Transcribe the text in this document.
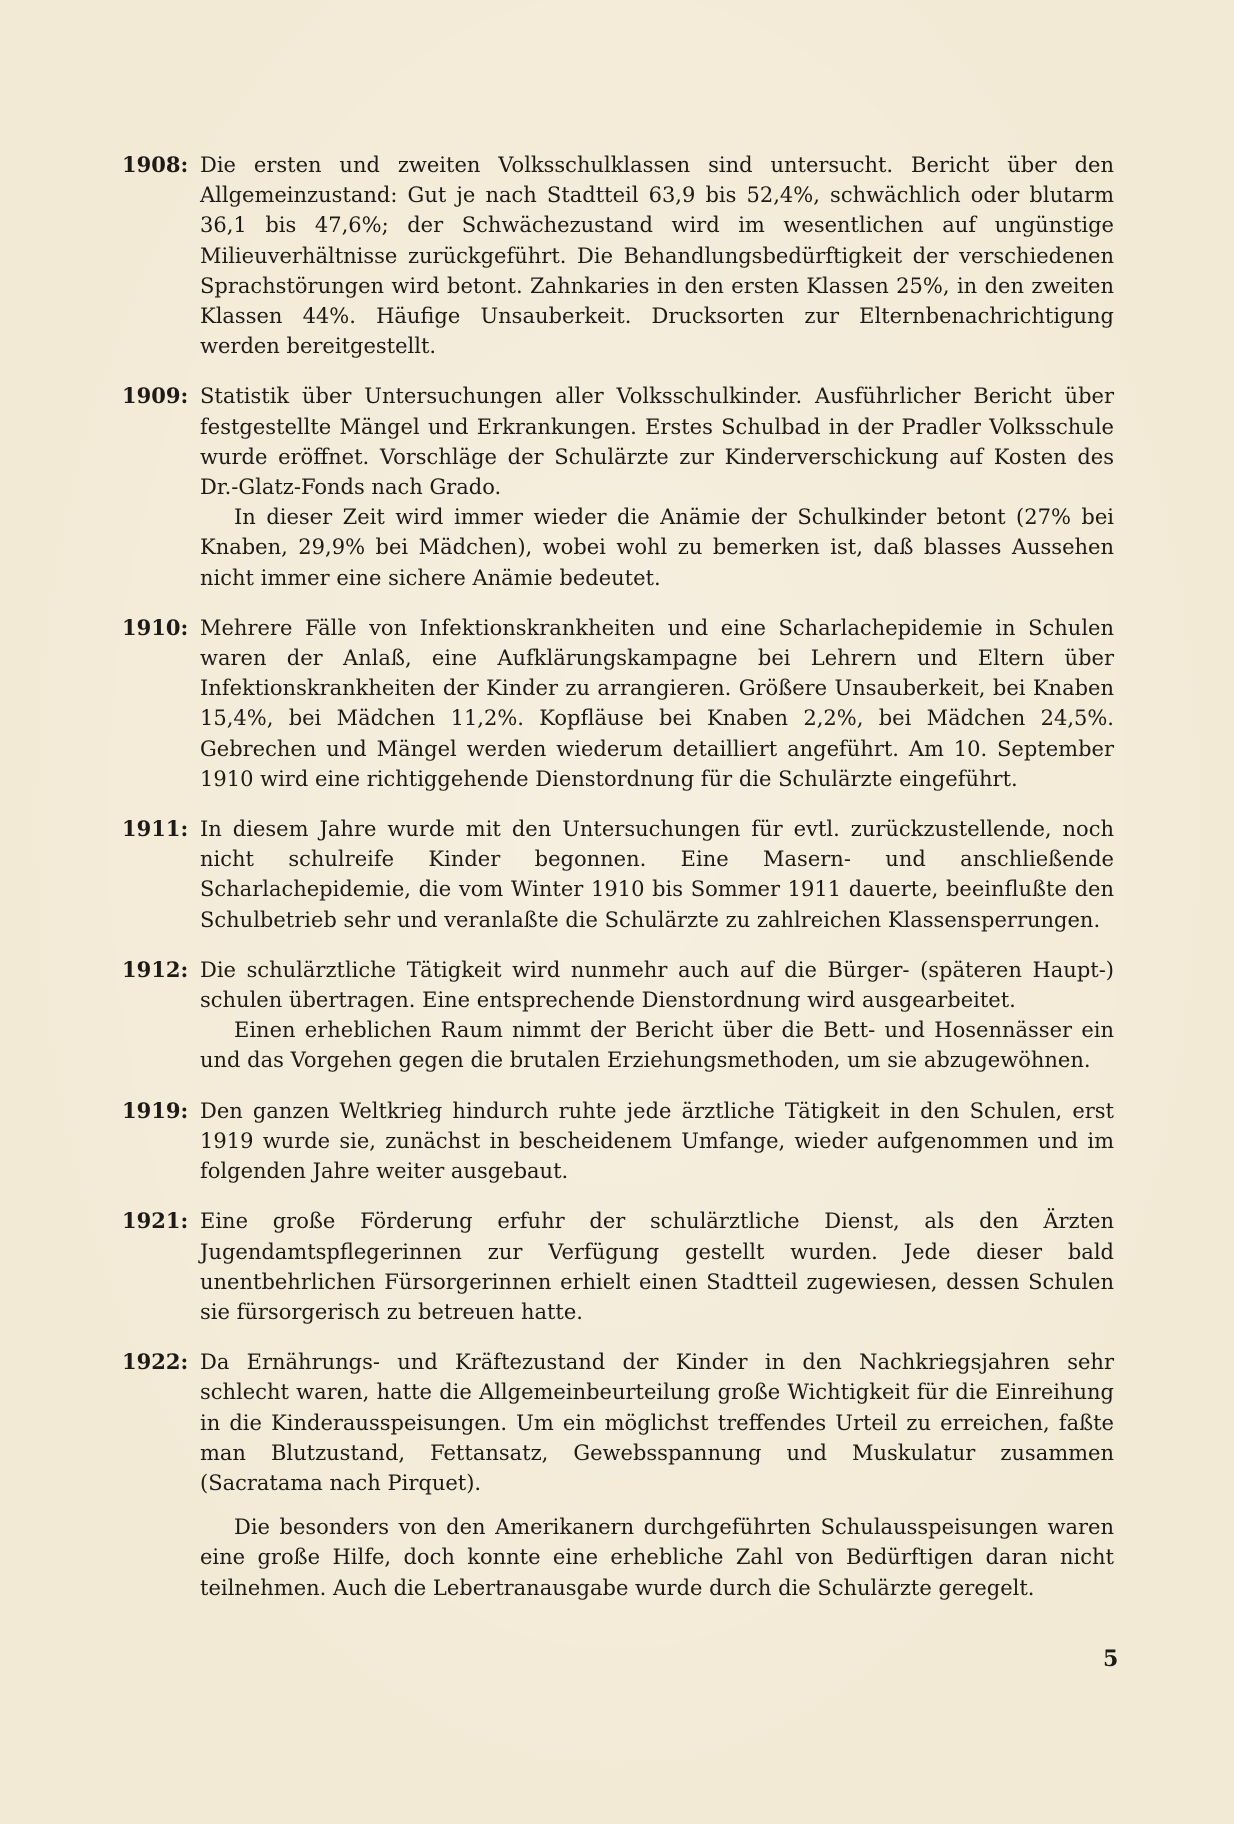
1908: Die ersten und zweiten Volksschulklassen sind untersucht. Bericht über den Allgemeinzustand: Gut je nach Stadtteil 63,9 bis 52,4%, schwächlich oder blutarm 36,1 bis 47,6%; der Schwächezustand wird im wesentlichen auf ungünstige Milieuverhältnisse zurückgeführt. Die Behandlungsbedürftigkeit der verschiedenen Sprachstörungen wird betont. Zahnkaries in den ersten Klassen 25%, in den zweiten Klassen 44%. Häufige Unsauberkeit. Drucksorten zur Elternbenachrichtigung werden bereitgestellt.

1909: Statistik über Untersuchungen aller Volksschulkinder. Ausführlicher Bericht über festgestellte Mängel und Erkrankungen. Erstes Schulbad in der Pradler Volksschule wurde eröffnet. Vorschläge der Schulärzte zur Kinderverschickung auf Kosten des Dr.-Glatz-Fonds nach Grado.

In dieser Zeit wird immer wieder die Anämie der Schulkinder betont (27% bei Knaben, 29,9% bei Mädchen), wobei wohl zu bemerken ist, daß blasses Aussehen nicht immer eine sichere Anämie bedeutet.

1910: Mehrere Fälle von Infektionskrankheiten und eine Scharlachepidemie in Schulen waren der Anlaß, eine Aufklärungskampagne bei Lehrern und Eltern über Infektionskrankheiten der Kinder zu arrangieren. Größere Unsauberkeit, bei Knaben 15,4%, bei Mädchen 11,2%. Kopfläuse bei Knaben 2,2%, bei Mädchen 24,5%. Gebrechen und Mängel werden wiederum detailliert angeführt. Am 10. September 1910 wird eine richtiggehende Dienstordnung für die Schulärzte eingeführt.

1911: In diesem Jahre wurde mit den Untersuchungen für evtl. zurückzustellende, noch nicht schulreife Kinder begonnen. Eine Masern- und anschließende Scharlachepidemie, die vom Winter 1910 bis Sommer 1911 dauerte, beeinflußte den Schulbetrieb sehr und veranlaßte die Schulärzte zu zahlreichen Klassensperrungen.

1912: Die schulärztliche Tätigkeit wird nunmehr auch auf die Bürger- (späteren Haupt-) schulen übertragen. Eine entsprechende Dienstordnung wird ausgearbeitet.

Einen erheblichen Raum nimmt der Bericht über die Bett- und Hosennässer ein und das Vorgehen gegen die brutalen Erziehungsmethoden, um sie abzugewöhnen.

1919: Den ganzen Weltkrieg hindurch ruhte jede ärztliche Tätigkeit in den Schulen, erst 1919 wurde sie, zunächst in bescheidenem Umfange, wieder aufgenommen und im folgenden Jahre weiter ausgebaut.

1921: Eine große Förderung erfuhr der schulärztliche Dienst, als den Ärzten Jugendamtspflegerinnen zur Verfügung gestellt wurden. Jede dieser bald unentbehrlichen Fürsorgerinnen erhielt einen Stadtteil zugewiesen, dessen Schulen sie fürsorgerisch zu betreuen hatte.

1922: Da Ernährungs- und Kräftezustand der Kinder in den Nachkriegsjahren sehr schlecht waren, hatte die Allgemeinbeurteilung große Wichtigkeit für die Einreihung in die Kinderausspeisungen. Um ein möglichst treffendes Urteil zu erreichen, faßte man Blutzustand, Fettansatz, Gewebsspannung und Muskulatur zusammen (Sacratama nach Pirquet).

Die besonders von den Amerikanern durchgeführten Schulausspeisungen waren eine große Hilfe, doch konnte eine erhebliche Zahl von Bedürftigen daran nicht teilnehmen. Auch die Lebertranausgabe wurde durch die Schulärzte geregelt.
5
